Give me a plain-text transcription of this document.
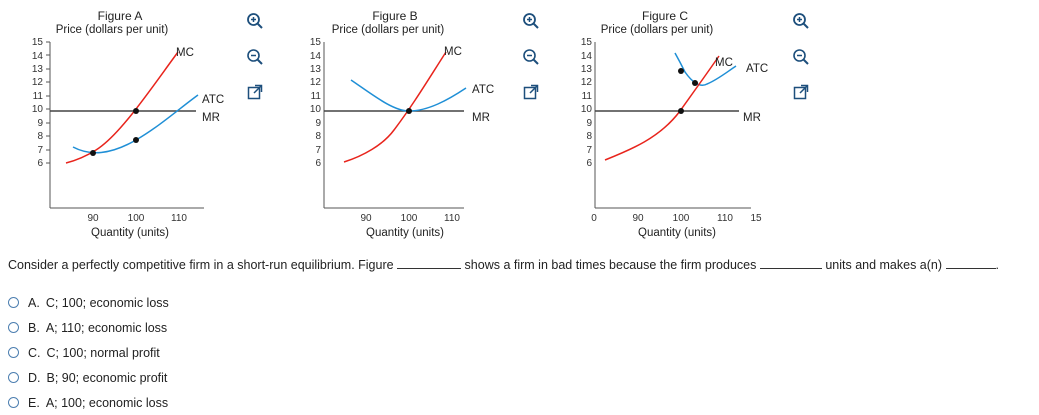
Figure A
Price (dollars per unit)
15
14
13
12
11
10
9
8
7
6
90	100	110
Quantity (units)
MC
ATC
MR
Figure B
Price (dollars per unit)
15
14
13
12
11
10
9
8
7
6
90	100	110
Quantity (units)
MC
ATC
MR
Figure C
Price (dollars per unit)
15
14
13
12
11
10
9
8
7
6
0	90	100	110 15
Quantity (units)
MC ATC
MR
Consider a perfectly competitive firm in a short-run equilibrium. Figure	shows a firm in bad times because the firm produces	units and makes a(n)	.
A. C; 100; economic loss
B. A; 110; economic loss
C. C; 100; normal profit
D. B; 90; economic profit
E. A; 100; economic loss
